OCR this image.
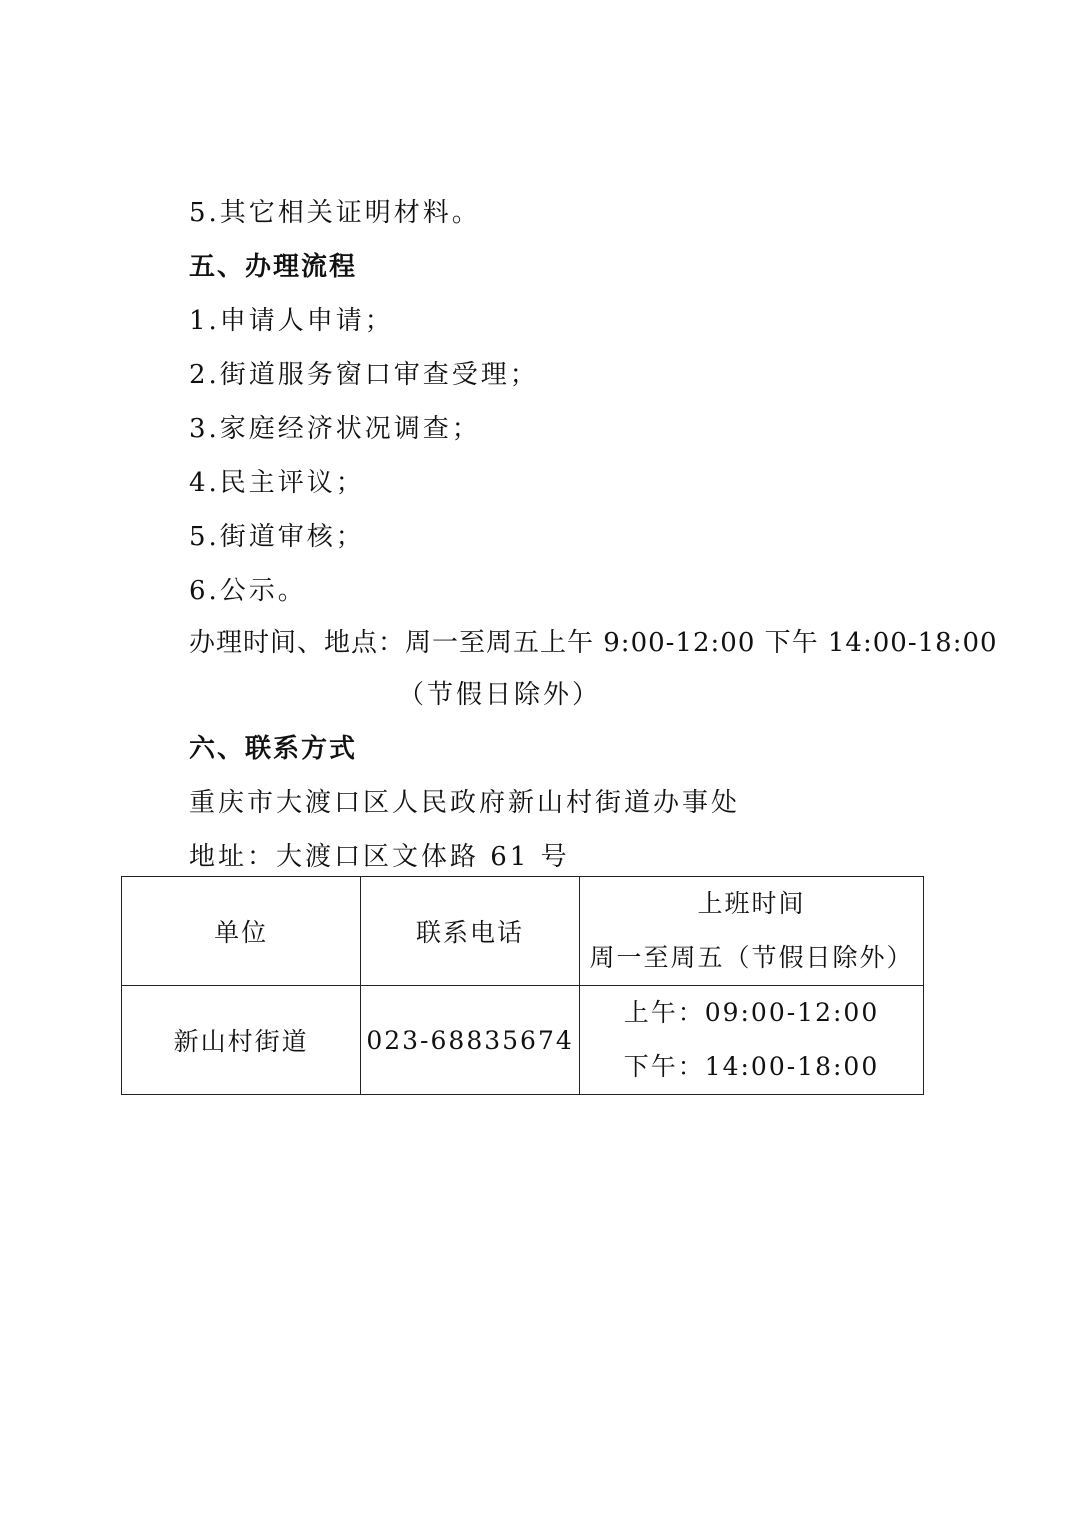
5.其它相关证明材料。
五、办理流程
1.申请人申请；
2.街道服务窗口审查受理；
3.家庭经济状况调查；
4.民主评议；
5.街道审核；
6.公示。
办理时间、地点：周一至周五上午 9:00-12:00 下午 14:00-18:00
（节假日除外）
六、联系方式
重庆市大渡口区人民政府新山村街道办事处
地址：大渡口区文体路 61 号
单位	联系电话	上班时间
周一至周五（节假日除外）

新山村街道	023-68835674	上午：09:00-12:00
下午：14:00-18:00
